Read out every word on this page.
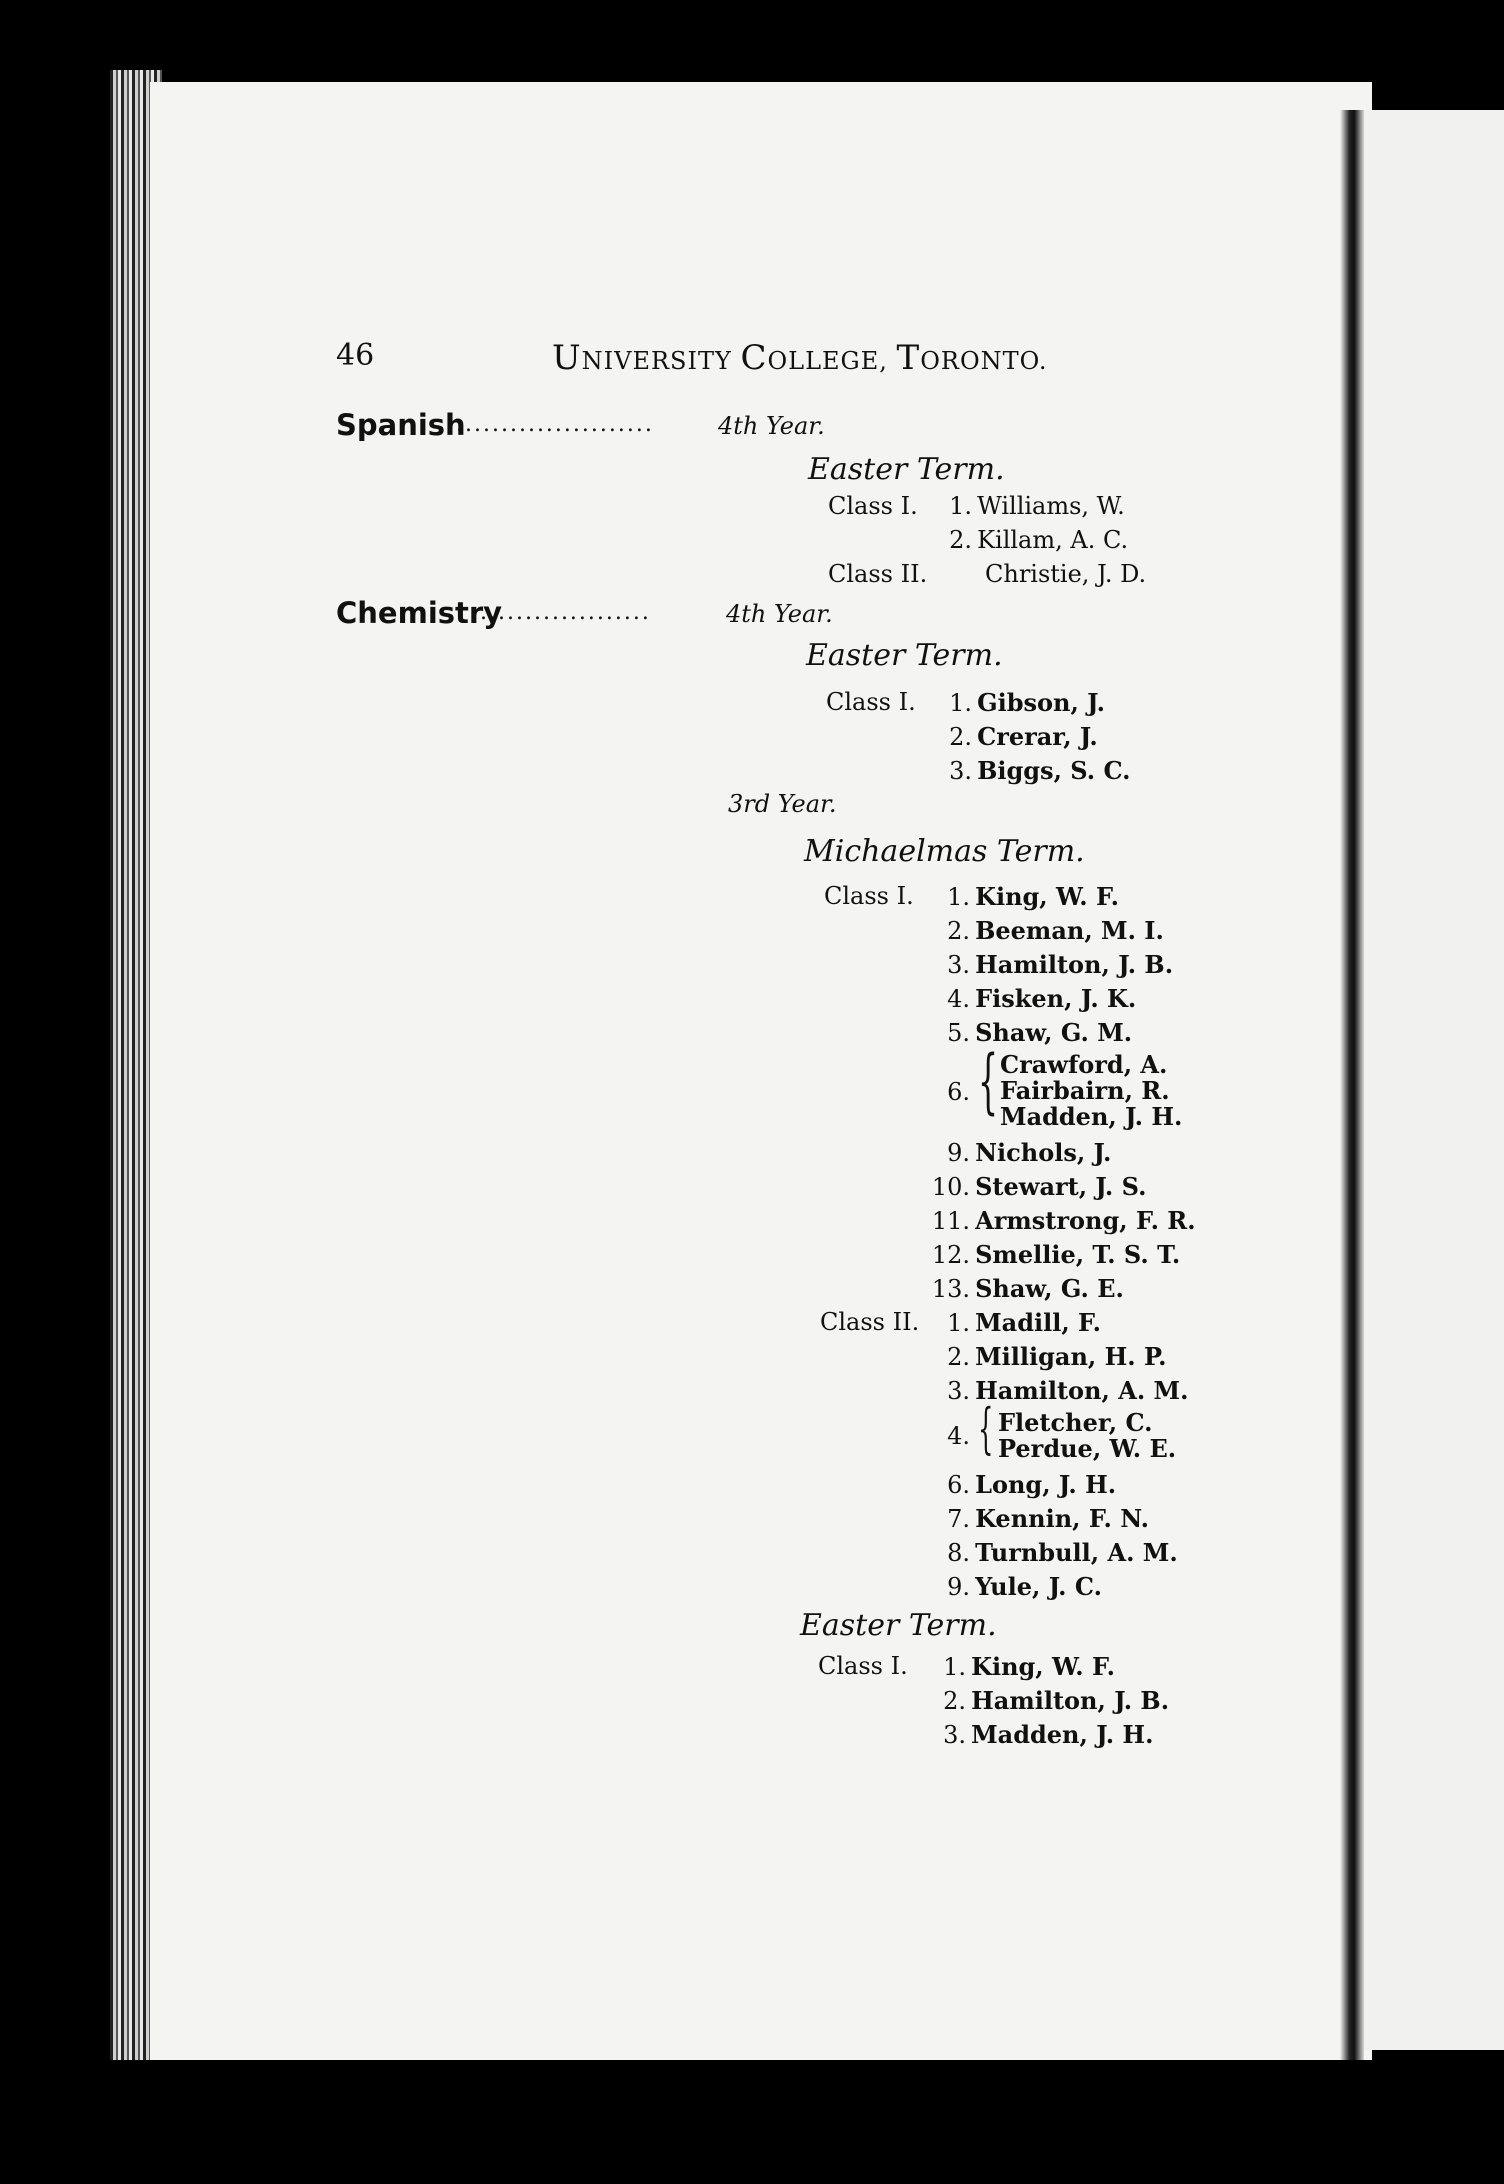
46	UNIVERSITY COLLEGE, TORONTO.
Spanish
......................	4th Year.
Easter Term.
Class I.	1. Williams, W.
2. Killam, A. C.
Class II. Christie, J. D.
Chemistry
...................	4th Year.
Easter Term.
Class I.	1. Gibson, J.
2. Crerar, J.
3. Biggs, S. C.
3rd Year.
Michaelmas Term.
Class I.	1. King, W. F.
2. Beeman, M. I.
3. Hamilton, J. B.
4. Fisken, J. K.
5. Shaw, G. M.
6. { Crawford, A.
Fairbairn, R.
Madden, J. H.
9. Nichols, J.
10. Stewart, J. S.
11. Armstrong, F. R.
12. Smellie, T. S. T.
13. Shaw, G. E.
Class II.	1. Madill, F.
2. Milligan, H. P.
3. Hamilton, A. M.
4. { Fletcher, C.
Perdue, W. E.
6. Long, J. H.
7. Kennin, F. N.
8. Turnbull, A. M.
9. Yule, J. C.
Easter Term.
Class I.	1. King, W. F.
2. Hamilton, J. B.
3. Madden, J. H.
